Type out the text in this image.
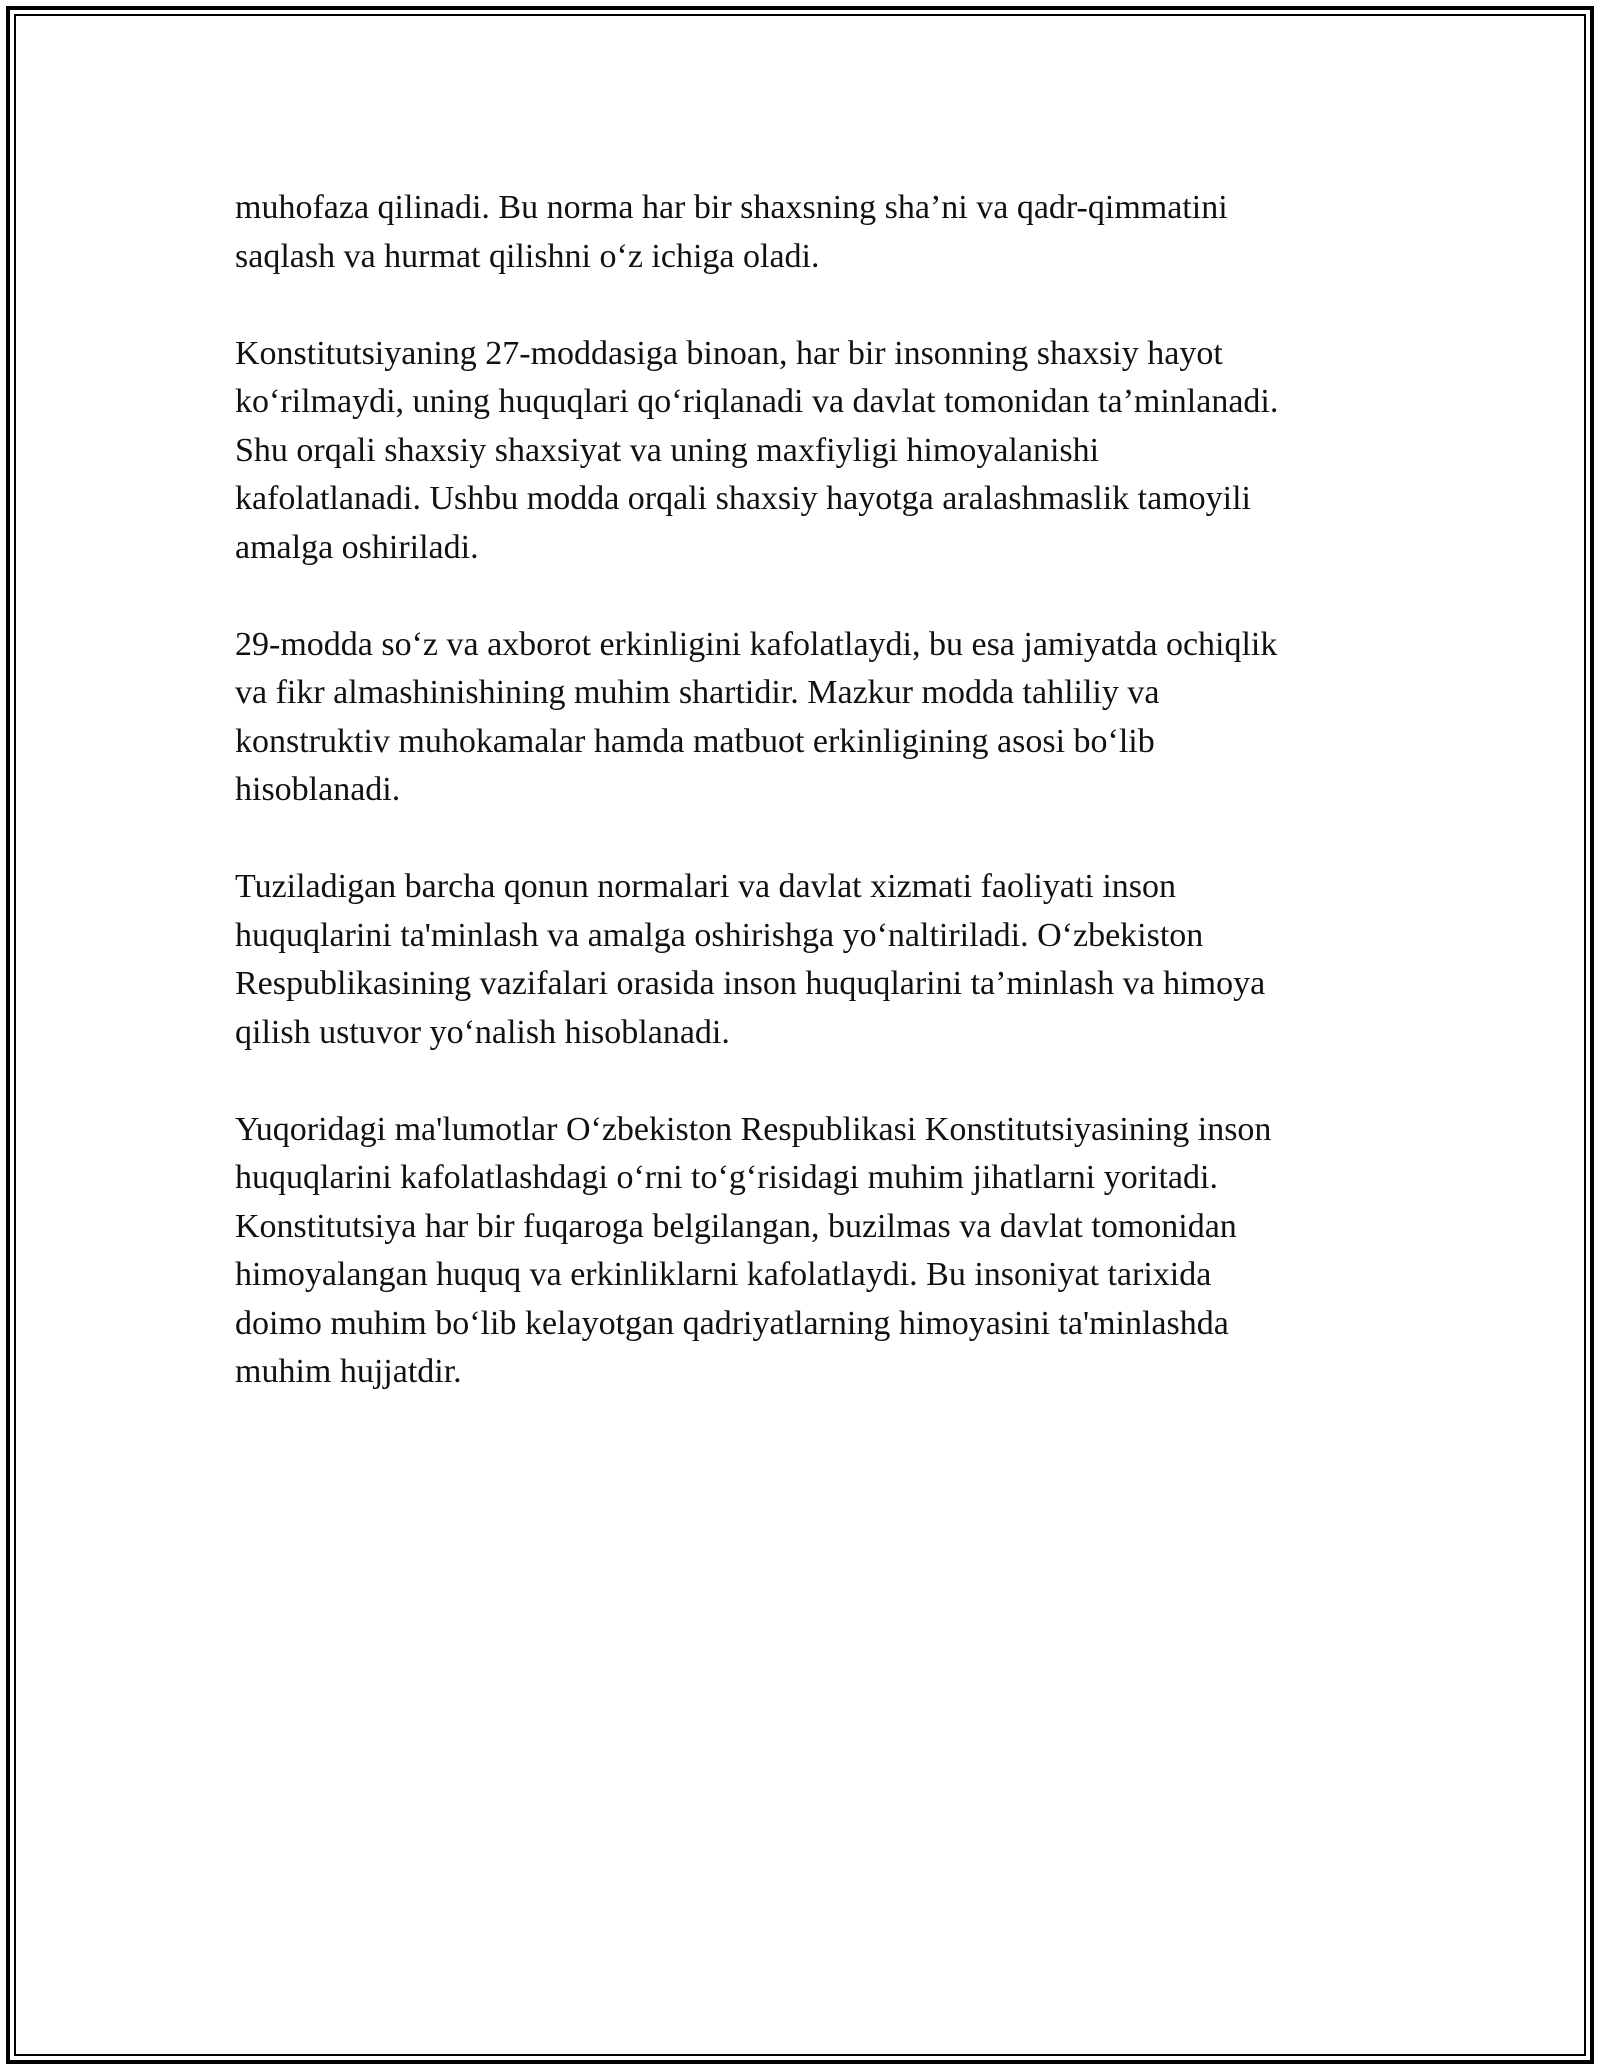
muhofaza qilinadi. Bu norma har bir shaxsning sha’ni va qadr-qimmatini
saqlash va hurmat qilishni o‘z ichiga oladi.

Konstitutsiyaning 27-moddasiga binoan, har bir insonning shaxsiy hayot
ko‘rilmaydi, uning huquqlari qo‘riqlanadi va davlat tomonidan ta’minlanadi.
Shu orqali shaxsiy shaxsiyat va uning maxfiyligi himoyalanishi
kafolatlanadi. Ushbu modda orqali shaxsiy hayotga aralashmaslik tamoyili
amalga oshiriladi.

29-modda so‘z va axborot erkinligini kafolatlaydi, bu esa jamiyatda ochiqlik
va fikr almashinishining muhim shartidir. Mazkur modda tahliliy va
konstruktiv muhokamalar hamda matbuot erkinligining asosi bo‘lib
hisoblanadi.

Tuziladigan barcha qonun normalari va davlat xizmati faoliyati inson
huquqlarini ta'minlash va amalga oshirishga yo‘naltiriladi. O‘zbekiston
Respublikasining vazifalari orasida inson huquqlarini ta’minlash va himoya
qilish ustuvor yo‘nalish hisoblanadi.

Yuqoridagi ma'lumotlar O‘zbekiston Respublikasi Konstitutsiyasining inson
huquqlarini kafolatlashdagi o‘rni to‘g‘risidagi muhim jihatlarni yoritadi.
Konstitutsiya har bir fuqaroga belgilangan, buzilmas va davlat tomonidan
himoyalangan huquq va erkinliklarni kafolatlaydi. Bu insoniyat tarixida
doimo muhim bo‘lib kelayotgan qadriyatlarning himoyasini ta'minlashda
muhim hujjatdir.
